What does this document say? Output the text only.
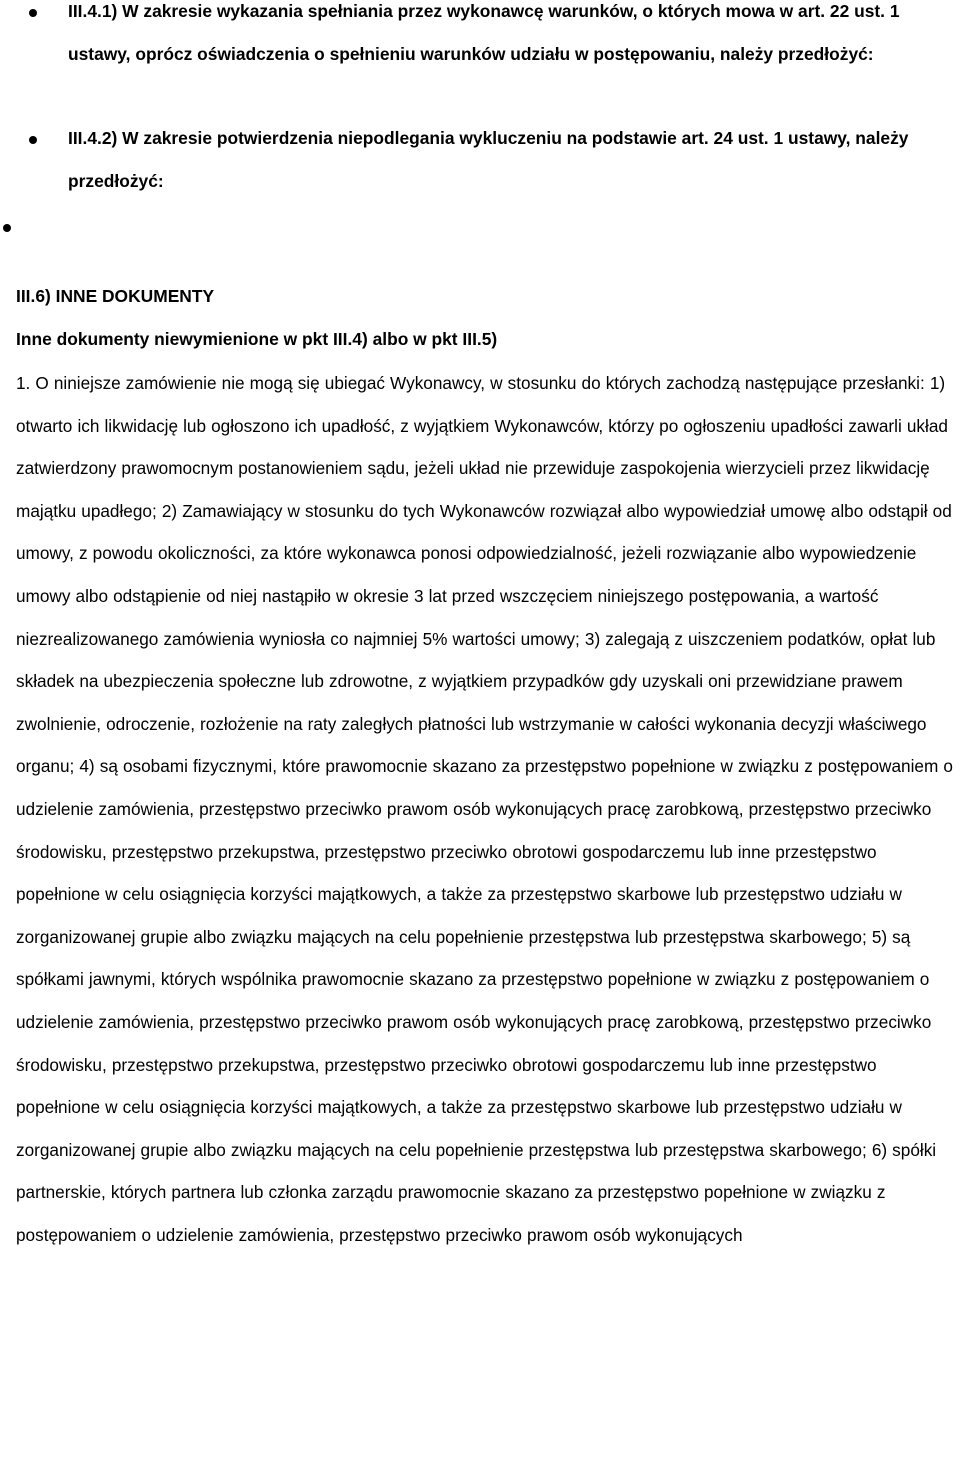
III.4.1) W zakresie wykazania spełniania przez wykonawcę warunków, o których mowa w art. 22 ust. 1 ustawy, oprócz oświadczenia o spełnieniu warunków udziału w postępowaniu, należy przedłożyć:
III.4.2) W zakresie potwierdzenia niepodlegania wykluczeniu na podstawie art. 24 ust. 1 ustawy, należy przedłożyć:
III.6) INNE DOKUMENTY
Inne dokumenty niewymienione w pkt III.4) albo w pkt III.5)

1. O niniejsze zamówienie nie mogą się ubiegać Wykonawcy, w stosunku do których zachodzą następujące przesłanki: 1) otwarto ich likwidację lub ogłoszono ich upadłość, z wyjątkiem Wykonawców, którzy po ogłoszeniu upadłości zawarli układ zatwierdzony prawomocnym postanowieniem sądu, jeżeli układ nie przewiduje zaspokojenia wierzycieli przez likwidację majątku upadłego; 2) Zamawiający w stosunku do tych Wykonawców rozwiązał albo wypowiedział umowę albo odstąpił od umowy, z powodu okoliczności, za które wykonawca ponosi odpowiedzialność, jeżeli rozwiązanie albo wypowiedzenie umowy albo odstąpienie od niej nastąpiło w okresie 3 lat przed wszczęciem niniejszego postępowania, a wartość niezrealizowanego zamówienia wyniosła co najmniej 5% wartości umowy; 3) zalegają z uiszczeniem podatków, opłat lub składek na ubezpieczenia społeczne lub zdrowotne, z wyjątkiem przypadków gdy uzyskali oni przewidziane prawem zwolnienie, odroczenie, rozłożenie na raty zaległych płatności lub wstrzymanie w całości wykonania decyzji właściwego organu; 4) są osobami fizycznymi, które prawomocnie skazano za przestępstwo popełnione w związku z postępowaniem o udzielenie zamówienia, przestępstwo przeciwko prawom osób wykonujących pracę zarobkową, przestępstwo przeciwko środowisku, przestępstwo przekupstwa, przestępstwo przeciwko obrotowi gospodarczemu lub inne przestępstwo popełnione w celu osiągnięcia korzyści majątkowych, a także za przestępstwo skarbowe lub przestępstwo udziału w zorganizowanej grupie albo związku mających na celu popełnienie przestępstwa lub przestępstwa skarbowego; 5) są spółkami jawnymi, których wspólnika prawomocnie skazano za przestępstwo popełnione w związku z postępowaniem o udzielenie zamówienia, przestępstwo przeciwko prawom osób wykonujących pracę zarobkową, przestępstwo przeciwko środowisku, przestępstwo przekupstwa, przestępstwo przeciwko obrotowi gospodarczemu lub inne przestępstwo popełnione w celu osiągnięcia korzyści majątkowych, a także za przestępstwo skarbowe lub przestępstwo udziału w zorganizowanej grupie albo związku mających na celu popełnienie przestępstwa lub przestępstwa skarbowego; 6) spółki partnerskie, których partnera lub członka zarządu prawomocnie skazano za przestępstwo popełnione w związku z postępowaniem o udzielenie zamówienia, przestępstwo przeciwko prawom osób wykonujących
